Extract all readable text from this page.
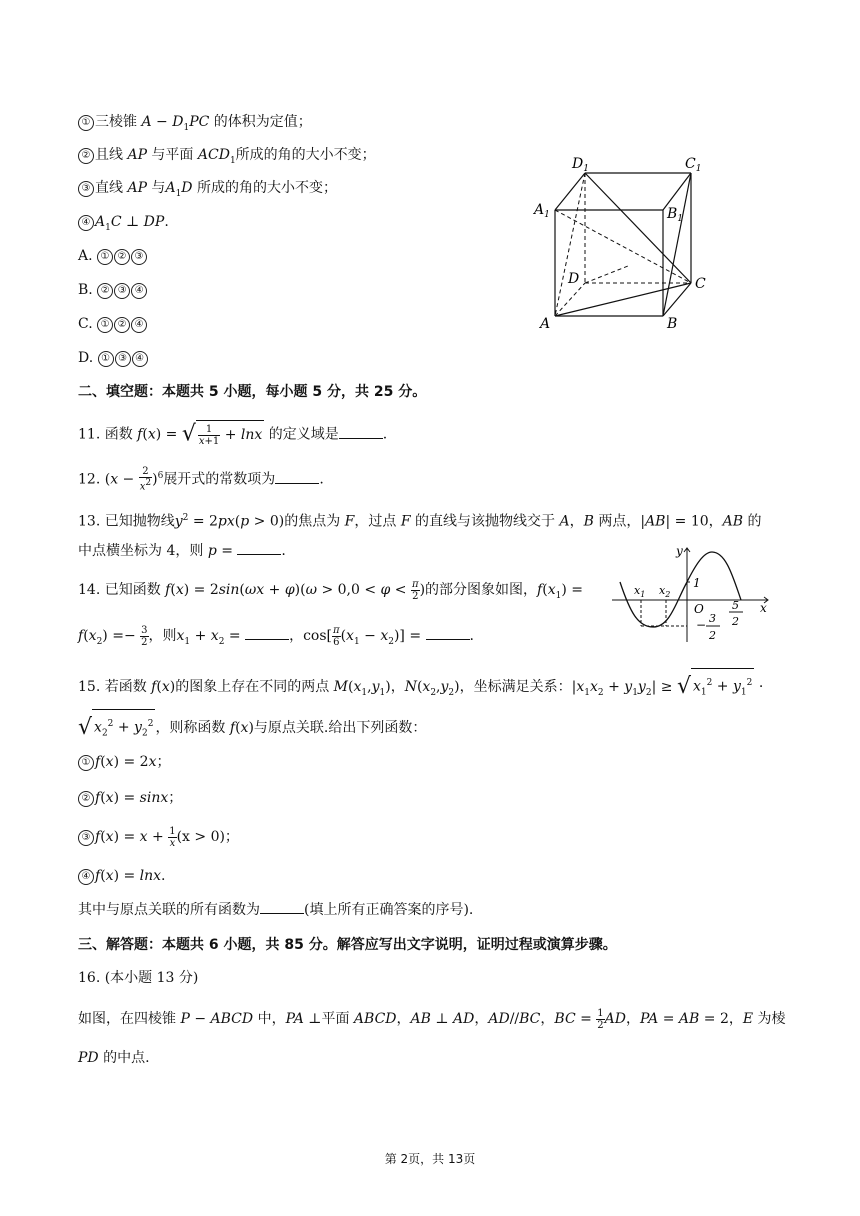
① 三棱锥 $A - D_1PC$ 的体积为定值；
② 且线 AP 与平面 $ACD_1$所成的角的大小不变；
③ 直线 AP 与$A_1D$ 所成的角的大小不变；
④ $A_1C$ ⊥ DP.
A. ① ② ③
B. ② ③ ④
C. ① ② ④
D. ① ③ ④
$D_1$	$C_1$
$A_1$	$B_1$
D	C
A	B
二、填空题：本题共 5 小题，每小题 5 分，共 25 分。
11. 函数 f(x) = √ $\frac{1}{x+1} + \ln x$ 的定义域是	.
12. $(x - \frac{2}{x^2} )^6$展开式的常数项为	.
13. 已知抛物线$y^2 = 2px(p > 0)$的焦点为 F，过点 F 的直线与该抛物线交于 A，B 两点，|AB| = 10，AB 的
中点横坐标为 4，则 p =	.
14. 已知函数 $f(x) = 2\sin(\omega x + \varphi)(\omega > 0,0 < \varphi < \frac{\pi}{2}$ )的部分图象如图，$f(x_1)$ =
$f(x_2) =- \frac{3}{2}$ ，则$x_1 + x_2$ =	，$\cos[ \frac{\pi}{6} (x_1 - x_2)]$ =	.
y
x
$x_1$ $x_2$
O
1
− 3
2
5
2
15. 若函数 f(x)的图象上存在不同的两点 $M(x_1,y_1)$，$N(x_2,y_2)$，坐标满足关系：$|x_1x_2 + y_1y_2|$ ≥ √ $x_1^2 + y_1^2$ ·
√ $x_2^2 + y_2^2$ ，则称函数 f(x)与原点关联.给出下列函数：
① f(x) = 2x；
② f(x) = sinx；
③ $f(x) = x + \frac{1}{x} (x > 0)$；
④ f(x) = lnx.
其中与原点关联的所有函数为	(填上所有正确答案的序号).
三、解答题：本题共 6 小题，共 85 分。解答应写出文字说明，证明过程或演算步骤。
16. (本小题 13 分)
如图，在四棱锥 P − ABCD 中，PA ⊥平面 ABCD，AB ⊥ AD，AD//BC，BC = $\frac{1}{2}$ AD，PA = AB = 2，E 为棱
PD 的中点.
第 2页，共 13页
